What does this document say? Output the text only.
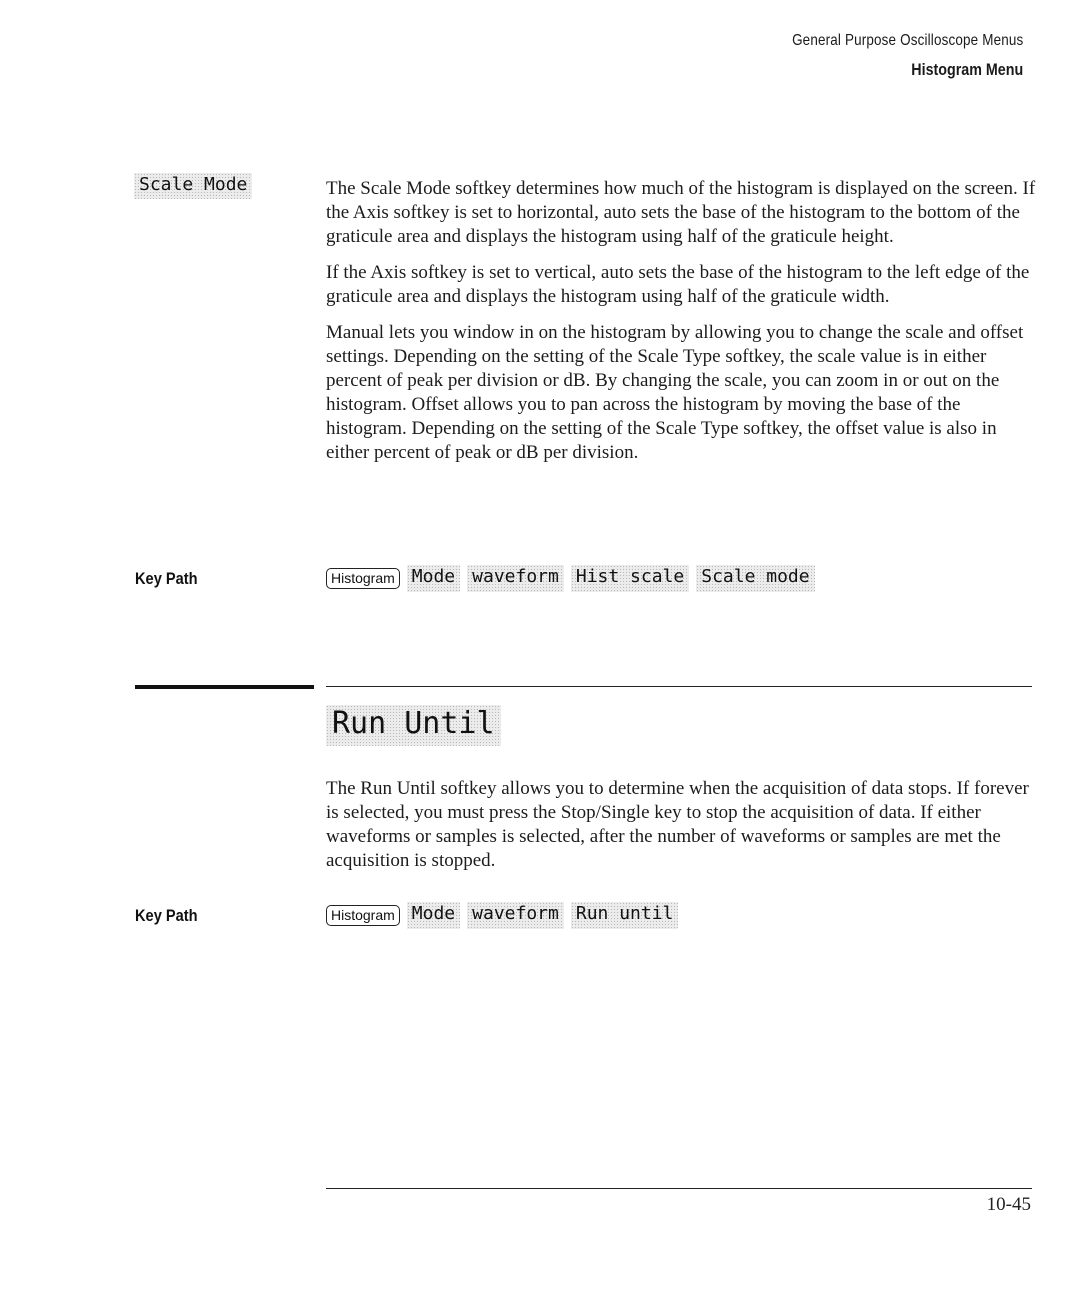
General Purpose Oscilloscope Menus
Histogram Menu
Scale Mode	The Scale Mode softkey determines how much of the histogram is displayed on the screen. If the Axis softkey is set to horizontal, auto sets the base of the histogram to the bottom of the graticule area and displays the histogram using half of the graticule height.

If the Axis softkey is set to vertical, auto sets the base of the histogram to the left edge of the graticule area and displays the histogram using half of the graticule width.

Manual lets you window in on the histogram by allowing you to change the scale and offset settings. Depending on the setting of the Scale Type softkey, the scale value is in either percent of peak per division or dB. By changing the scale, you can zoom in or out on the histogram. Offset allows you to pan across the histogram by moving the base of the histogram. Depending on the setting of the Scale Type softkey, the offset value is also in either percent of peak or dB per division.

Key Path	Histogram Mode waveform Hist scale Scale mode
Run Until

The Run Until softkey allows you to determine when the acquisition of data stops. If forever is selected, you must press the Stop/Single key to stop the acquisition of data. If either waveforms or samples is selected, after the number of waveforms or samples are met the acquisition is stopped.

Key Path	Histogram Mode waveform Run until
10-45
